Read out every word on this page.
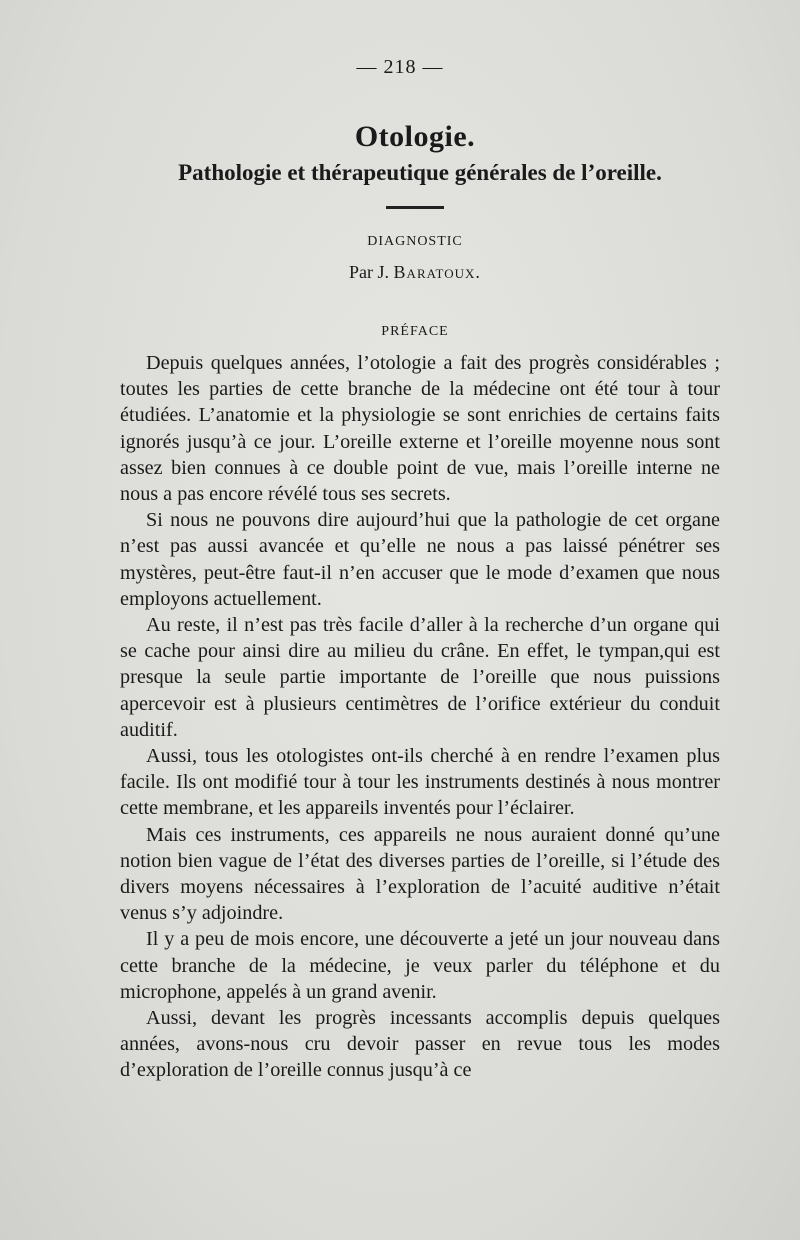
— 218 —
Otologie.
Pathologie et thérapeutique générales de l’oreille.
DIAGNOSTIC
Par J. Baratoux.
PRÉFACE

Depuis quelques années, l’otologie a fait des progrès considérables ; toutes les parties de cette branche de la médecine ont été tour à tour étudiées. L’anatomie et la physiologie se sont enrichies de certains faits ignorés jusqu’à ce jour. L’oreille externe et l’oreille moyenne nous sont assez bien connues à ce double point de vue, mais l’oreille interne ne nous a pas encore révélé tous ses secrets.

Si nous ne pouvons dire aujourd’hui que la pathologie de cet organe n’est pas aussi avancée et qu’elle ne nous a pas laissé pénétrer ses mystères, peut-être faut-il n’en accuser que le mode d’examen que nous employons actuellement.

Au reste, il n’est pas très facile d’aller à la recherche d’un organe qui se cache pour ainsi dire au milieu du crâne. En effet, le tympan,qui est presque la seule partie importante de l’oreille que nous puissions apercevoir est à plusieurs centimètres de l’orifice extérieur du conduit auditif.

Aussi, tous les otologistes ont-ils cherché à en rendre l’examen plus facile. Ils ont modifié tour à tour les instruments destinés à nous montrer cette membrane, et les appareils inventés pour l’éclairer.

Mais ces instruments, ces appareils ne nous auraient donné qu’une notion bien vague de l’état des diverses parties de l’oreille, si l’étude des divers moyens nécessaires à l’exploration de l’acuité auditive n’était venus s’y adjoindre.

Il y a peu de mois encore, une découverte a jeté un jour nouveau dans cette branche de la médecine, je veux parler du téléphone et du microphone, appelés à un grand avenir.

Aussi, devant les progrès incessants accomplis depuis quelques années, avons-nous cru devoir passer en revue tous les modes d’exploration de l’oreille connus jusqu’à ce
